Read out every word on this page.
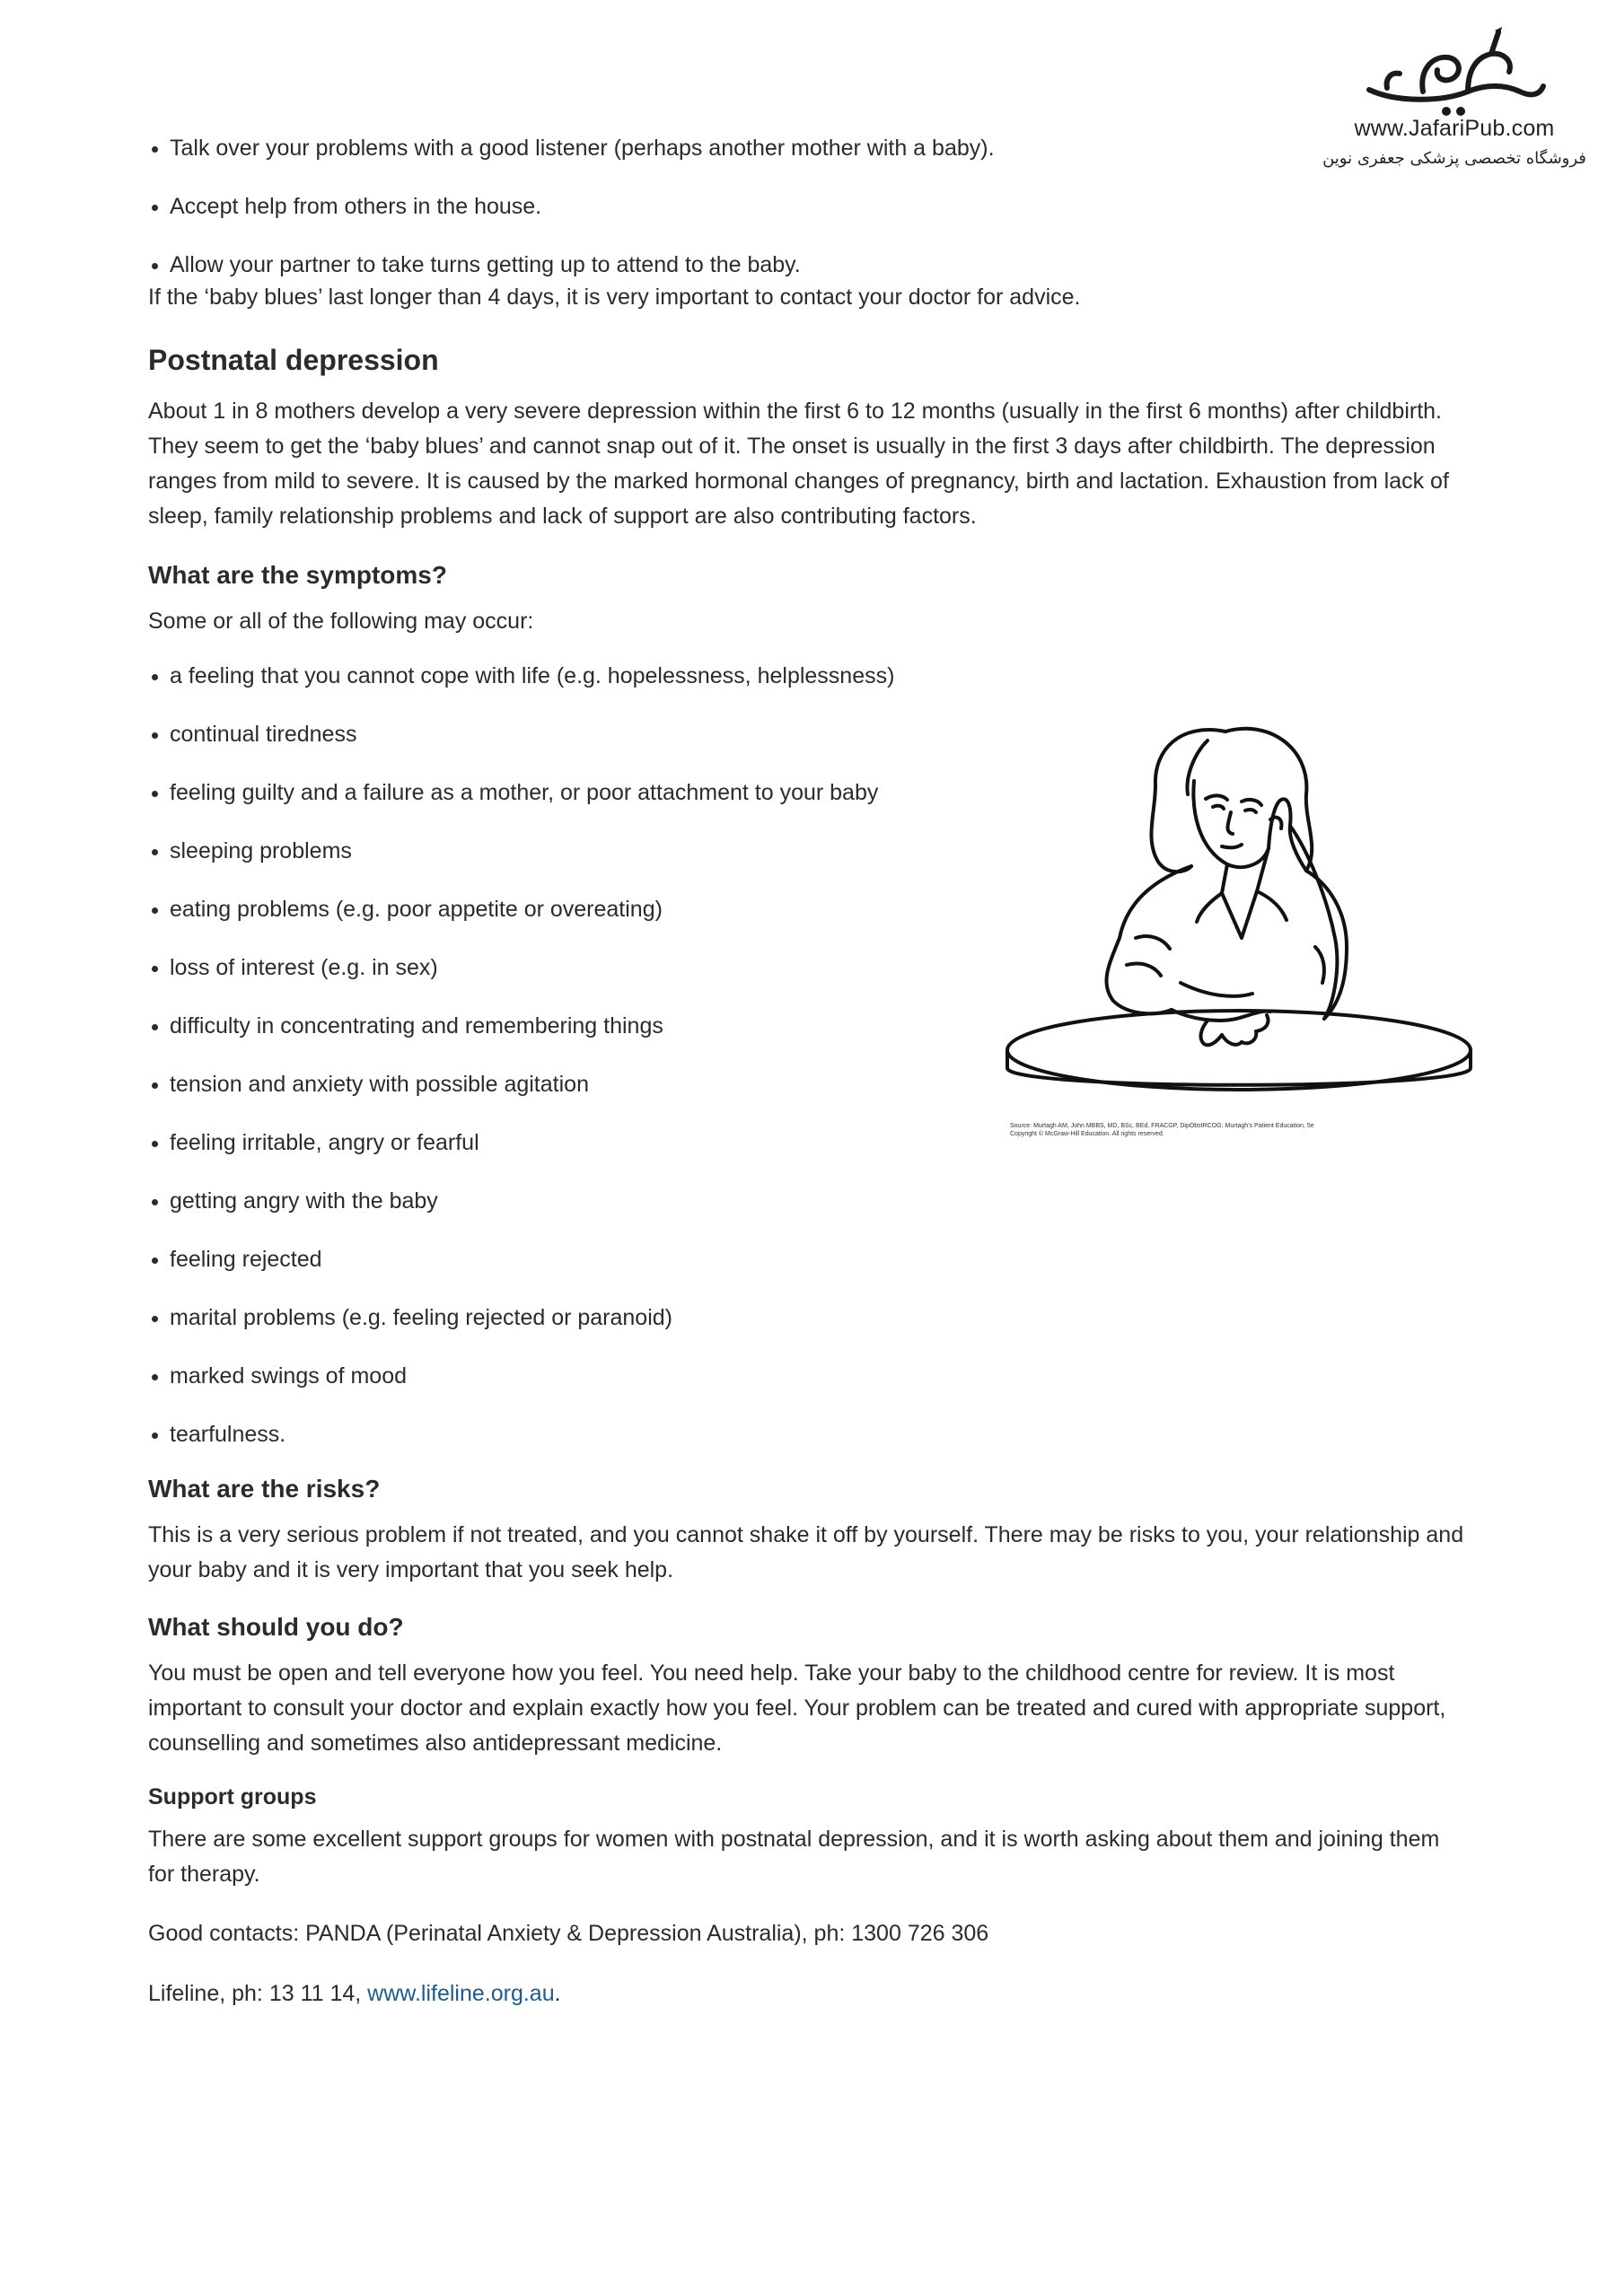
www.JafariPub.com
فروشگاه تخصصی پزشکی جعفری نوین
Talk over your problems with a good listener (perhaps another mother with a baby).
Accept help from others in the house.
Allow your partner to take turns getting up to attend to the baby.

If the ‘baby blues’ last longer than 4 days, it is very important to contact your doctor for advice.

Postnatal depression

About 1 in 8 mothers develop a very severe depression within the first 6 to 12 months (usually in the first 6 months) after childbirth. They seem to get the ‘baby blues’ and cannot snap out of it. The onset is usually in the first 3 days after childbirth. The depression ranges from mild to severe. It is caused by the marked hormonal changes of pregnancy, birth and lactation. Exhaustion from lack of sleep, family relationship problems and lack of support are also contributing factors.

What are the symptoms?

Some or all of the following may occur:

a feeling that you cannot cope with life (e.g. hopelessness, helplessness)
continual tiredness
feeling guilty and a failure as a mother, or poor attachment to your baby
sleeping problems
eating problems (e.g. poor appetite or overeating)
loss of interest (e.g. in sex)
difficulty in concentrating and remembering things
tension and anxiety with possible agitation
feeling irritable, angry or fearful
getting angry with the baby
feeling rejected
marital problems (e.g. feeling rejected or paranoid)
marked swings of mood
tearfulness.
What are the risks?

This is a very serious problem if not treated, and you cannot shake it off by yourself. There may be risks to you, your relationship and your baby and it is very important that you seek help.

What should you do?

You must be open and tell everyone how you feel. You need help. Take your baby to the childhood centre for review. It is most important to consult your doctor and explain exactly how you feel. Your problem can be treated and cured with appropriate support, counselling and sometimes also antidepressant medicine.

Support groups

There are some excellent support groups for women with postnatal depression, and it is worth asking about them and joining them for therapy.

Good contacts: PANDA (Perinatal Anxiety & Depression Australia), ph: 1300 726 306

Lifeline, ph: 13 11 14, www.lifeline.org.au.

Source: Murtagh AM, John MBBS, MD, BSc, BEd, FRACGP, DipObstRCOG: Murtagh’s Patient Education, 5e
Copyright © McGraw-Hill Education. All rights reserved.
